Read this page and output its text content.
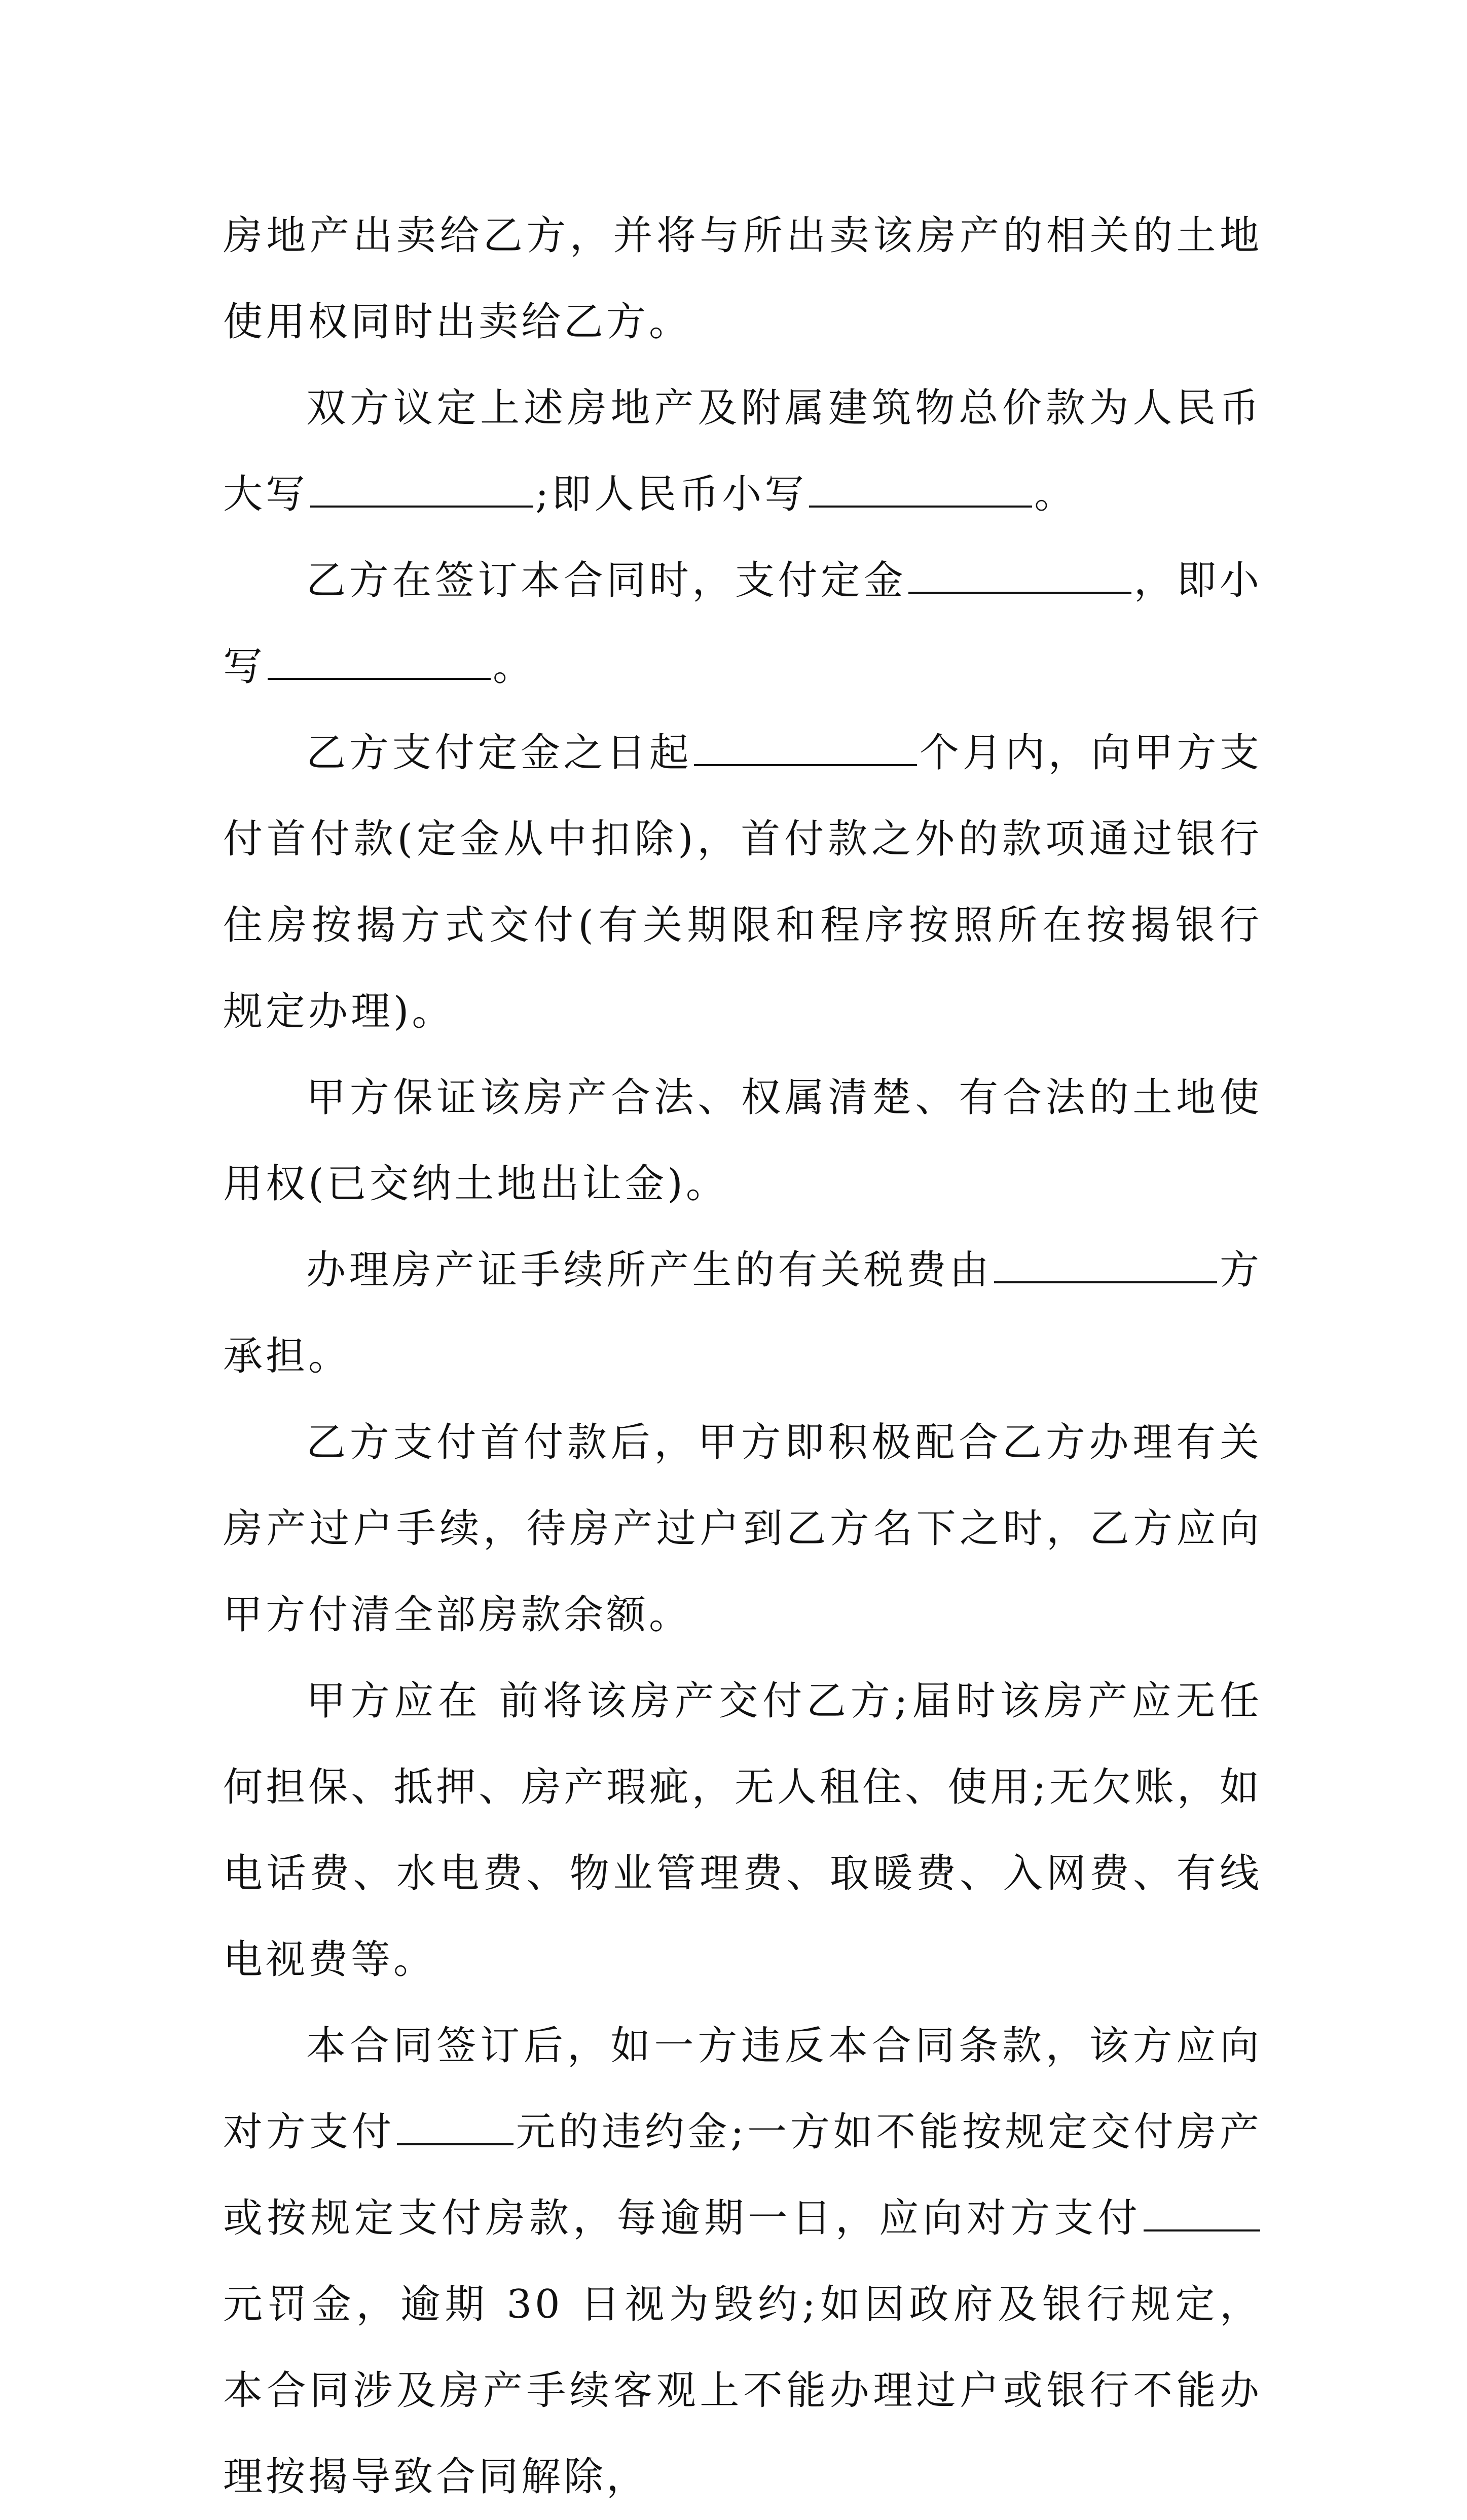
房地产出卖给乙方，并将与所出卖该房产的相关的土地使用权同时出卖给乙方。

双方议定上述房地产及附属建筑物总价款为人民币大写	;即人民币小写	。

乙方在签订本合同时，支付定金	，即小写	。

乙方支付定金之日起	个月内，向甲方支付首付款(定金从中扣除)，首付款之外的款项通过银行住房按揭方式交付(有关期限和程序按照所在按揭银行规定办理)。

甲方保证该房产合法、权属清楚、有合法的土地使用权(已交纳土地出让金)。

办理房产证手续所产生的有关税费由	方承担。

乙方支付首付款后，甲方即积极配合乙方办理有关房产过户手续，待房产过户到乙方名下之时，乙方应向甲方付清全部房款余额。

甲方应在 前将该房产交付乙方;届时该房产应无任何担保、抵押、房产瑕疵，无人租住、使用;无欠账，如电话费、水电费、物业管理费、取暖费、入网费、有线电视费等。

本合同签订后，如一方违反本合同条款，该方应向对方支付	元的违约金;一方如不能按规定交付房产或按规定支付房款，每逾期一日，应向对方支付元罚金，逾期 30 日视为毁约;如因政府及银行规定，本合同涉及房产手续客观上不能办理过户或银行不能办理按揭导致合同解除，
